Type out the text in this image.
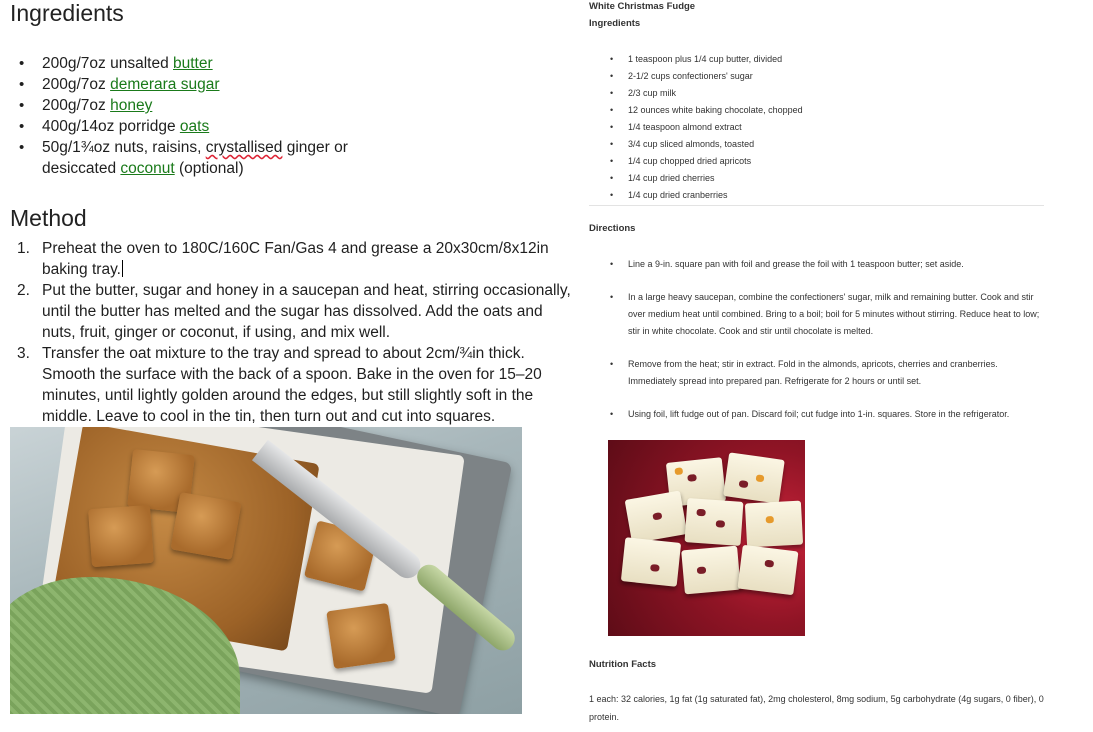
Ingredients
• 200g/7oz unsalted butter
• 200g/7oz demerara sugar
• 200g/7oz honey
• 400g/14oz porridge oats
• 50g/1¾oz nuts, raisins, crystallised ginger or
desiccated coconut (optional)
Method
1. Preheat the oven to 180C/160C Fan/Gas 4 and grease a 20x30cm/8x12in baking tray.
2. Put the butter, sugar and honey in a saucepan and heat, stirring occasionally, until the butter has melted and the sugar has dissolved. Add the oats and nuts, fruit, ginger or coconut, if using, and mix well.
3. Transfer the oat mixture to the tray and spread to about 2cm/¾in thick. Smooth the surface with the back of a spoon. Bake in the oven for 15–20 minutes, until lightly golden around the edges, but still slightly soft in the middle. Leave to cool in the tin, then turn out and cut into squares.
White Christmas Fudge
Ingredients
• 1 teaspoon plus 1/4 cup butter, divided
• 2-1/2 cups confectioners' sugar
• 2/3 cup milk
• 12 ounces white baking chocolate, chopped
• 1/4 teaspoon almond extract
• 3/4 cup sliced almonds, toasted
• 1/4 cup chopped dried apricots
• 1/4 cup dried cherries
• 1/4 cup dried cranberries
Directions
• Line a 9-in. square pan with foil and grease the foil with 1 teaspoon butter; set aside.
• In a large heavy saucepan, combine the confectioners' sugar, milk and remaining butter. Cook and stir over medium heat until combined. Bring to a boil; boil for 5 minutes without stirring. Reduce heat to low; stir in white chocolate. Cook and stir until chocolate is melted.
• Remove from the heat; stir in extract. Fold in the almonds, apricots, cherries and cranberries. Immediately spread into prepared pan. Refrigerate for 2 hours or until set.
• Using foil, lift fudge out of pan. Discard foil; cut fudge into 1-in. squares. Store in the refrigerator.
Nutrition Facts
1 each: 32 calories, 1g fat (1g saturated fat), 2mg cholesterol, 8mg sodium, 5g carbohydrate (4g sugars, 0 fiber), 0 protein.
